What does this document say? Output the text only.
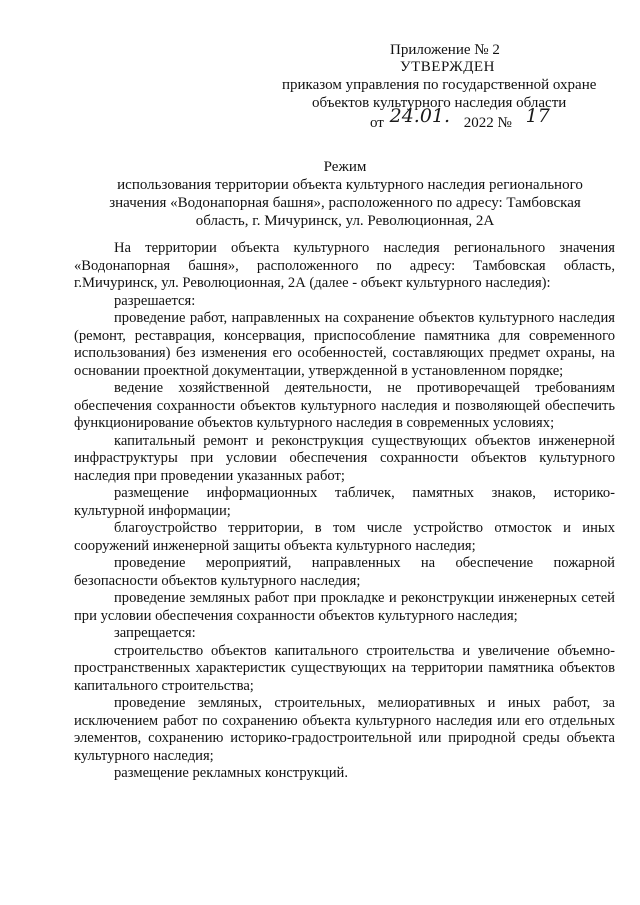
Приложение № 2
УТВЕРЖДЕН
приказом управления по государственной охране
объектов культурного наследия области
от 24.01. 2022 № 17
Режим
использования территории объекта культурного наследия регионального
значения «Водонапорная башня», расположенного по адресу: Тамбовская
область, г. Мичуринск, ул. Революционная, 2А

На территории объекта культурного наследия регионального значения «Водонапорная башня», расположенного по адресу: Тамбовская область, г.Мичуринск, ул. Революционная, 2А (далее - объект культурного наследия):

разрешается:

проведение работ, направленных на сохранение объектов культурного наследия (ремонт, реставрация, консервация, приспособление памятника для современного использования) без изменения его особенностей, составляющих предмет охраны, на основании проектной документации, утвержденной в установленном порядке;

ведение хозяйственной деятельности, не противоречащей требованиям обеспечения сохранности объектов культурного наследия и позволяющей обеспечить функционирование объектов культурного наследия в современных условиях;

капитальный ремонт и реконструкция существующих объектов инженерной инфраструктуры при условии обеспечения сохранности объектов культурного наследия при проведении указанных работ;

размещение информационных табличек, памятных знаков, историко-культурной информации;

благоустройство территории, в том числе устройство отмосток и иных сооружений инженерной защиты объекта культурного наследия;

проведение мероприятий, направленных на обеспечение пожарной безопасности объектов культурного наследия;

проведение земляных работ при прокладке и реконструкции инженерных сетей при условии обеспечения сохранности объектов культурного наследия;

запрещается:

строительство объектов капитального строительства и увеличение объемно-пространственных характеристик существующих на территории памятника объектов капитального строительства;

проведение земляных, строительных, мелиоративных и иных работ, за исключением работ по сохранению объекта культурного наследия или его отдельных элементов, сохранению историко-градостроительной или природной среды объекта культурного наследия;

размещение рекламных конструкций.
